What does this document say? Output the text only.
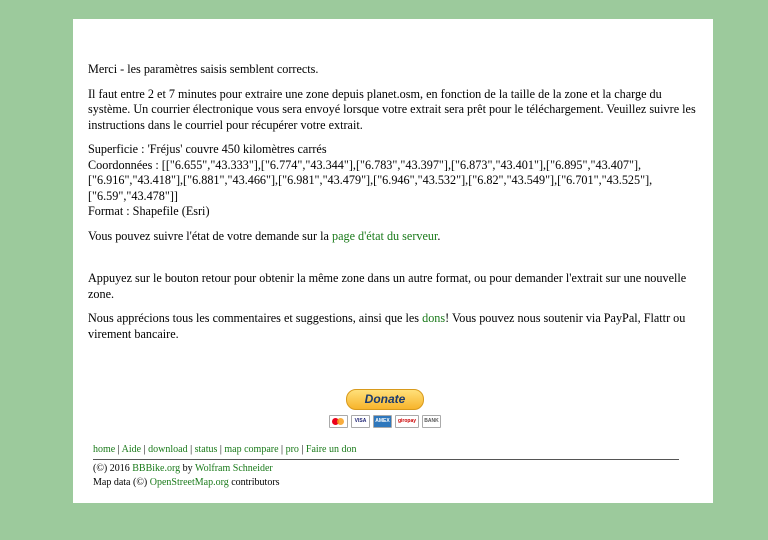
Merci - les paramètres saisis semblent corrects.

Il faut entre 2 et 7 minutes pour extraire une zone depuis planet.osm, en fonction de la taille de la zone et la charge du système. Un courrier électronique vous sera envoyé lorsque votre extrait sera prêt pour le téléchargement. Veuillez suivre les instructions dans le courriel pour récupérer votre extrait.

Superficie : 'Fréjus' couvre 450 kilomètres carrés
Coordonnées : [["6.655","43.333"],["6.774","43.344"],["6.783","43.397"],["6.873","43.401"],["6.895","43.407"],["6.916","43.418"],["6.881","43.466"],["6.981","43.479"],["6.946","43.532"],["6.82","43.549"],["6.701","43.525"],["6.59","43.478"]]
Format : Shapefile (Esri)

Vous pouvez suivre l'état de votre demande sur la page d'état du serveur.

Appuyez sur le bouton retour pour obtenir la même zone dans un autre format, ou pour demander l'extrait sur une nouvelle zone.

Nous apprécions tous les commentaires et suggestions, ainsi que les dons! Vous pouvez nous soutenir via PayPal, Flattr ou virement bancaire.

Donate
VISA	AMEX	giropay	BANK
home | Aide | download | status | map compare | pro | Faire un don
(©) 2016 BBBike.org by Wolfram Schneider
Map data (©) OpenStreetMap.org contributors
